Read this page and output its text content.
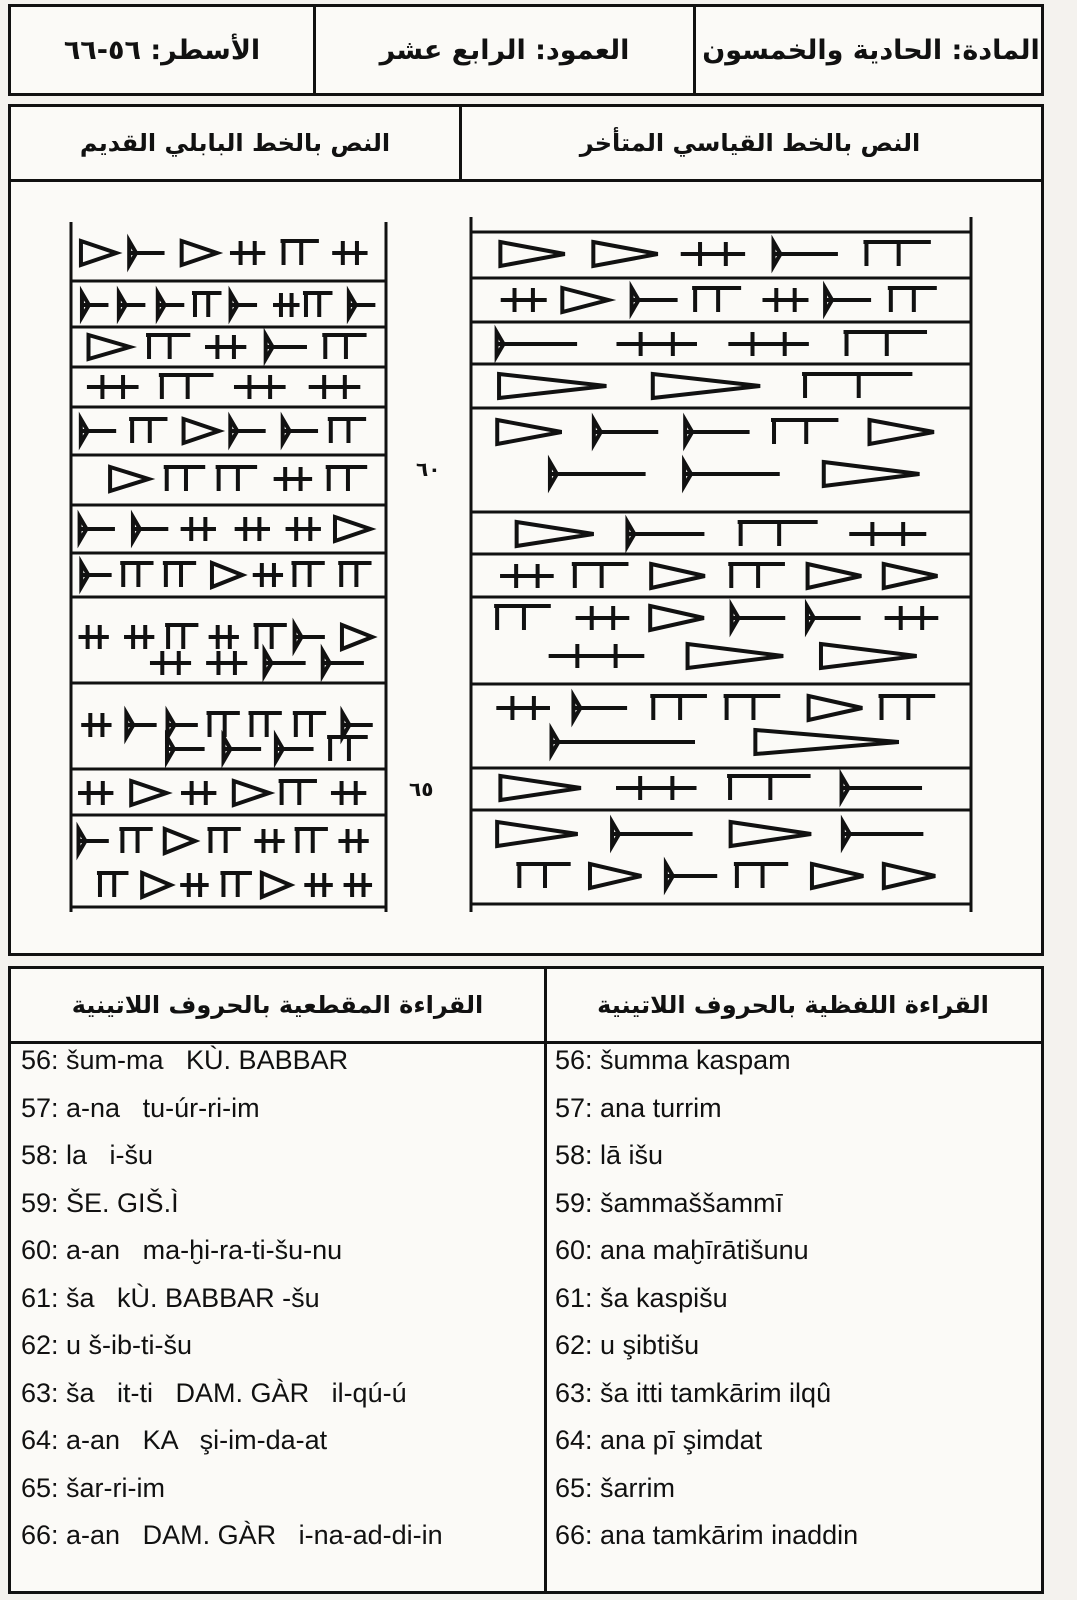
المادة: الحادية والخمسون
العمود: الرابع عشر
الأسطر: ٥٦-٦٦
النص بالخط القياسي المتأخر
النص بالخط البابلي القديم
٦٠
٦٥
القراءة اللفظية بالحروف اللاتينية
القراءة المقطعية بالحروف اللاتينية
56: šum-ma   KÙ. BABBAR
57: a-na   tu-úr-ri-im
58: la   i-šu
59: ŠE. GIŠ.Ì
60: a-an   ma-ḫi-ra-ti-šu-nu
61: ša   kÙ. BABBAR -šu
62: u š-ib-ti-šu
63: ša   it-ti   DAM. GÀR   il-qú-ú
64: a-an   KA   şi-im-da-at
65: šar-ri-im
66: a-an   DAM. GÀR   i-na-ad-di-in
56: šumma kaspam
57: ana turrim
58: lā išu
59: šammaššammī
60: ana maḫīrātišunu
61: ša kaspišu
62: u şibtišu
63: ša itti tamkārim ilqû
64: ana pī şimdat
65: šarrim
66: ana tamkārim inaddin
